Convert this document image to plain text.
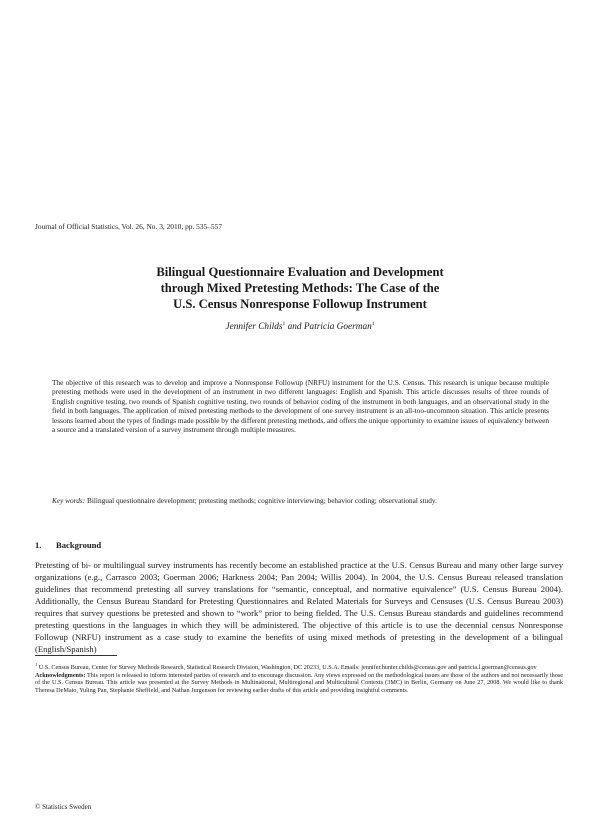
Journal of Official Statistics, Vol. 26, No. 3, 2010, pp. 535–557
Bilingual Questionnaire Evaluation and Development
through Mixed Pretesting Methods: The Case of the
U.S. Census Nonresponse Followup Instrument
Jennifer Childs$^1$ and Patricia Goerman$^1$
The objective of this research was to develop and improve a Nonresponse Followup (NRFU) instrument for the U.S. Census. This research is unique because multiple pretesting methods were used in the development of an instrument in two different languages: English and Spanish. This article discusses results of three rounds of English cognitive testing, two rounds of Spanish cognitive testing, two rounds of behavior coding of the instrument in both languages, and an observational study in the field in both languages. The application of mixed pretesting methods to the development of one survey instrument is an all-too-uncommon situation. This article presents lessons learned about the types of findings made possible by the different pretesting methods, and offers the unique opportunity to examine issues of equivalency between a source and a translated version of a survey instrument through multiple measures.
Key words: Bilingual questionnaire development; pretesting methods; cognitive interviewing; behavior coding; observational study.
1. Background
Pretesting of bi- or multilingual survey instruments has recently become an established practice at the U.S. Census Bureau and many other large survey organizations (e.g., Carrasco 2003; Goerman 2006; Harkness 2004; Pan 2004; Willis 2004). In 2004, the U.S. Census Bureau released translation guidelines that recommend pretesting all survey translations for “semantic, conceptual, and normative equivalence” (U.S. Census Bureau 2004). Additionally, the Census Bureau Standard for Pretesting Questionnaires and Related Materials for Surveys and Censuses (U.S. Census Bureau 2003) requires that survey questions be pretested and shown to “work” prior to being fielded. The U.S. Census Bureau standards and guidelines recommend pretesting questions in the languages in which they will be administered. The objective of this article is to use the decennial census Nonresponse Followup (NRFU) instrument as a case study to examine the benefits of using mixed methods of pretesting in the development of a bilingual (English/Spanish)
$^1$ U.S. Census Bureau, Center for Survey Methods Research, Statistical Research Division, Washington, DC 20233, U.S.A. Emails: jennifer.hunter.childs@census.gov and patricia.l.goerman@census.gov
Acknowledgments: This report is released to inform interested parties of research and to encourage discussion. Any views expressed on the methodological issues are those of the authors and not necessarily those of the U.S. Census Bureau. This article was presented at the Survey Methods in Multinational, Multiregional and Multicultural Contexts (3MC) in Berlin, Germany on June 27, 2008. We would like to thank Theresa DeMaio, Yuling Pan, Stephanie Sheffield, and Nathan Jurgenson for reviewing earlier drafts of this article and providing insightful comments.
© Statistics Sweden
